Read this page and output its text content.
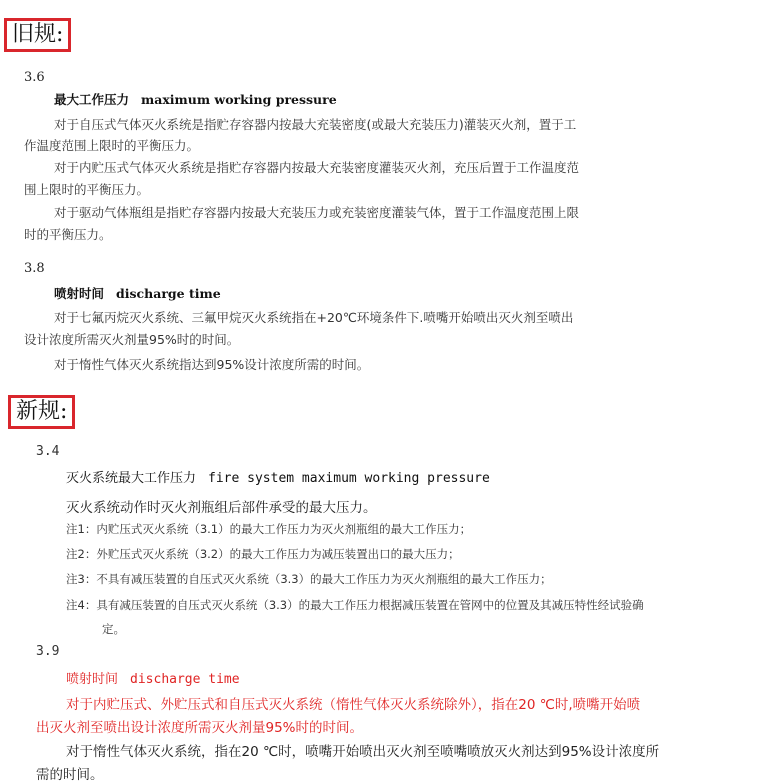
旧规:
3.6
最大工作压力 maximum working pressure
对于自压式气体灭火系统是指贮存容器内按最大充装密度(或最大充装压力)灌装灭火剂，置于工
作温度范围上限时的平衡压力。
对于内贮压式气体灭火系统是指贮存容器内按最大充装密度灌装灭火剂，充压后置于工作温度范
围上限时的平衡压力。
对于驱动气体瓶组是指贮存容器内按最大充装压力或充装密度灌装气体，置于工作温度范围上限
时的平衡压力。
3.8
喷射时间 discharge time
对于七氟丙烷灭火系统、三氟甲烷灭火系统指在+20℃环境条件下.喷嘴开始喷出灭火剂至喷出
设计浓度所需灭火剂量95%时的时间。
对于惰性气体灭火系统指达到95%设计浓度所需的时间。
新规:
3.4
灭火系统最大工作压力 fire system maximum working pressure
灭火系统动作时灭火剂瓶组后部件承受的最大压力。
注1：内贮压式灭火系统（3.1）的最大工作压力为灭火剂瓶组的最大工作压力；
注2：外贮压式灭火系统（3.2）的最大工作压力为减压装置出口的最大压力；
注3：不具有减压装置的自压式灭火系统（3.3）的最大工作压力为灭火剂瓶组的最大工作压力；
注4：具有减压装置的自压式灭火系统（3.3）的最大工作压力根据减压装置在管网中的位置及其减压特性经试验确
定。
3.9
喷射时间 discharge time
对于内贮压式、外贮压式和自压式灭火系统（惰性气体灭火系统除外），指在20 ℃时,喷嘴开始喷
出灭火剂至喷出设计浓度所需灭火剂量95%时的时间。
对于惰性气体灭火系统，指在20 ℃时，喷嘴开始喷出灭火剂至喷嘴喷放灭火剂达到95%设计浓度所
需的时间。
